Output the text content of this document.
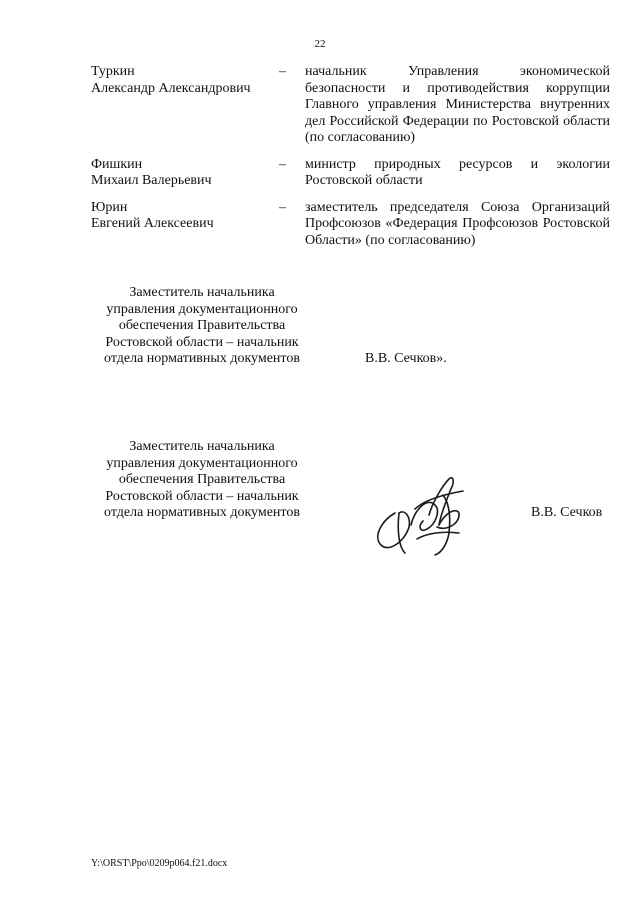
22
Туркин
Александр Александрович
–	начальник Управления экономической безопасности и противодействия коррупции Главного управления Министерства внутренних дел Российской Федерации по Ростовской области (по согласованию)
Фишкин
Михаил Валерьевич
–	министр природных ресурсов и экологии Ростовской области
Юрин
Евгений Алексеевич
–	заместитель председателя Союза Организаций Профсоюзов «Федерация Профсоюзов Ростовской Области» (по согласованию)
Заместитель начальника
управления документационного
обеспечения Правительства
Ростовской области – начальник
отдела нормативных документов	В.В. Сечков».
Заместитель начальника
управления документационного
обеспечения Правительства
Ростовской области – начальник
отдела нормативных документов	В.В. Сечков
Y:\ORST\Ppo\0209p064.f21.docx
